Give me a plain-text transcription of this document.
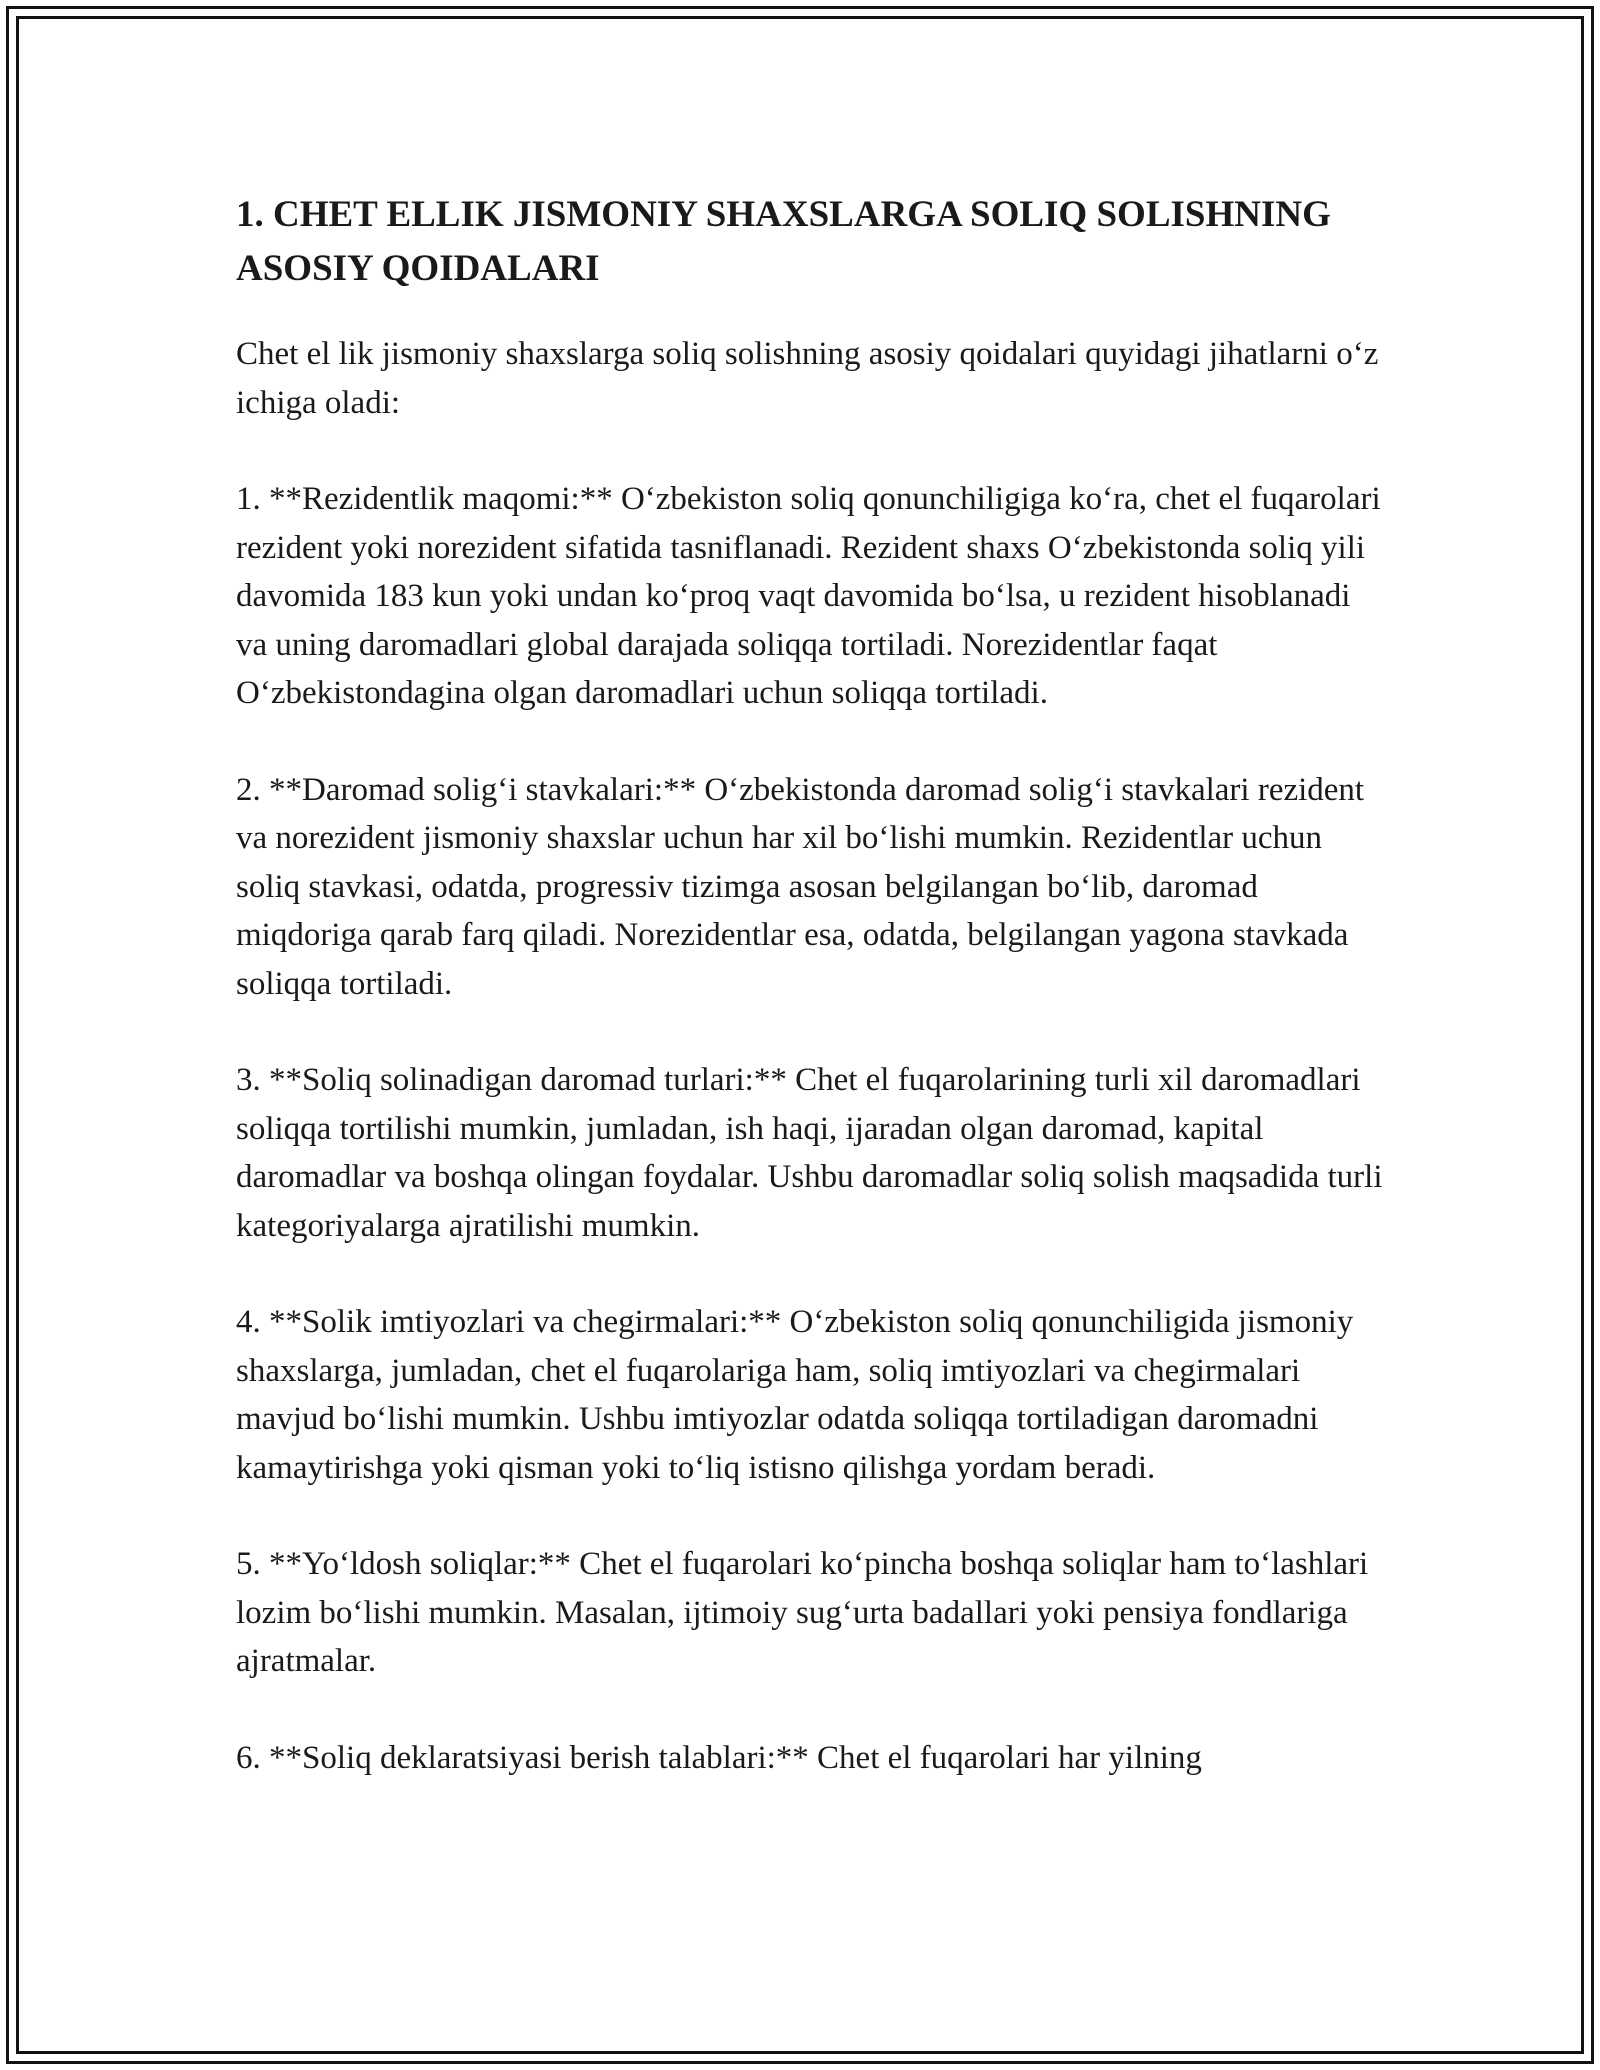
1. CHET ELLIK JISMONIY SHAXSLARGA SOLIQ SOLISHNING ASOSIY QOIDALARI

Chet el lik jismoniy shaxslarga soliq solishning asosiy qoidalari quyidagi jihatlarni oʻz ichiga oladi:

1. **Rezidentlik maqomi:** Oʻzbekiston soliq qonunchiligiga koʻra, chet el fuqarolari rezident yoki norezident sifatida tasniflanadi. Rezident shaxs Oʻzbekistonda soliq yili davomida 183 kun yoki undan koʻproq vaqt davomida boʻlsa, u rezident hisoblanadi va uning daromadlari global darajada soliqqa tortiladi. Norezidentlar faqat Oʻzbekistondagina olgan daromadlari uchun soliqqa tortiladi.

2. **Daromad soligʻi stavkalari:** Oʻzbekistonda daromad soligʻi stavkalari rezident va norezident jismoniy shaxslar uchun har xil boʻlishi mumkin. Rezidentlar uchun soliq stavkasi, odatda, progressiv tizimga asosan belgilangan boʻlib, daromad miqdoriga qarab farq qiladi. Norezidentlar esa, odatda, belgilangan yagona stavkada soliqqa tortiladi.

3. **Soliq solinadigan daromad turlari:** Chet el fuqarolarining turli xil daromadlari soliqqa tortilishi mumkin, jumladan, ish haqi, ijaradan olgan daromad, kapital daromadlar va boshqa olingan foydalar. Ushbu daromadlar soliq solish maqsadida turli kategoriyalarga ajratilishi mumkin.

4. **Solik imtiyozlari va chegirmalari:** Oʻzbekiston soliq qonunchiligida jismoniy shaxslarga, jumladan, chet el fuqarolariga ham, soliq imtiyozlari va chegirmalari mavjud boʻlishi mumkin. Ushbu imtiyozlar odatda soliqqa tortiladigan daromadni kamaytirishga yoki qisman yoki toʻliq istisno qilishga yordam beradi.

5. **Yoʻldosh soliqlar:** Chet el fuqarolari koʻpincha boshqa soliqlar ham toʻlashlari lozim boʻlishi mumkin. Masalan, ijtimoiy sugʻurta badallari yoki pensiya fondlariga ajratmalar.

6. **Soliq deklaratsiyasi berish talablari:** Chet el fuqarolari har yilning
